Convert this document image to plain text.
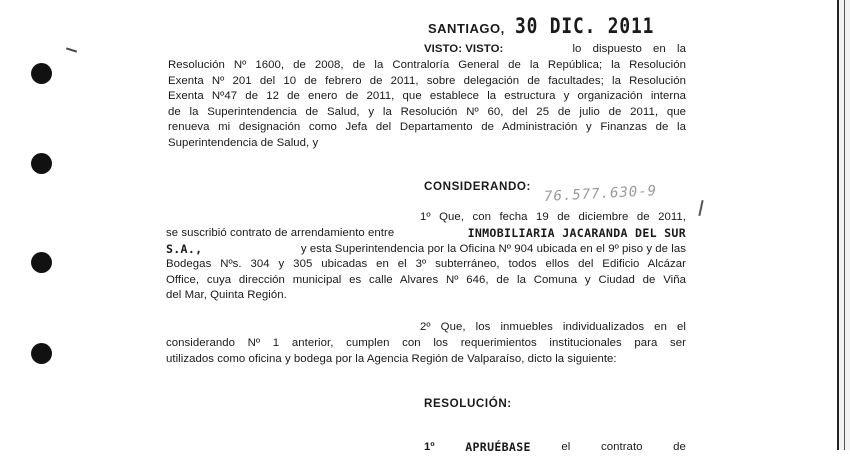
SANTIAGO, 30 DIC. 2011
VISTO: VISTO:	lo dispuesto en la
Resolución Nº 1600, de 2008, de la Contraloría General de la República; la Resolución
Exenta Nº 201 del 10 de febrero de 2011, sobre delegación de facultades; la Resolución
Exenta Nº47 de 12 de enero de 2011, que establece la estructura y organización interna
de la Superintendencia de Salud, y la Resolución Nº 60, del 25 de julio de 2011, que
renueva mi designación como Jefa del Departamento de Administración y Finanzas de la
Superintendencia de Salud, y
CONSIDERANDO: 76.577.630-9
1º Que, con fecha 19 de diciembre de 2011,
se suscribió contrato de arrendamiento entre	INMOBILIARIA JACARANDA DEL SUR
S.A.,	y esta Superintendencia por la Oficina Nº 904 ubicada en el 9º piso y de las
Bodegas Nºs. 304 y 305 ubicadas en el 3º subterráneo, todos ellos del Edificio Alcázar
Office, cuya dirección municipal es calle Alvares Nº 646, de la Comuna y Ciudad de Viña
del Mar, Quinta Región.
2º Que, los inmuebles individualizados en el
considerando Nº 1 anterior, cumplen con los requerimientos institucionales para ser
utilizados como oficina y bodega por la Agencia Región de Valparaíso, dicto la siguiente:
RESOLUCIÓN:
1º	APRUÉBASE	el	contrato	de
